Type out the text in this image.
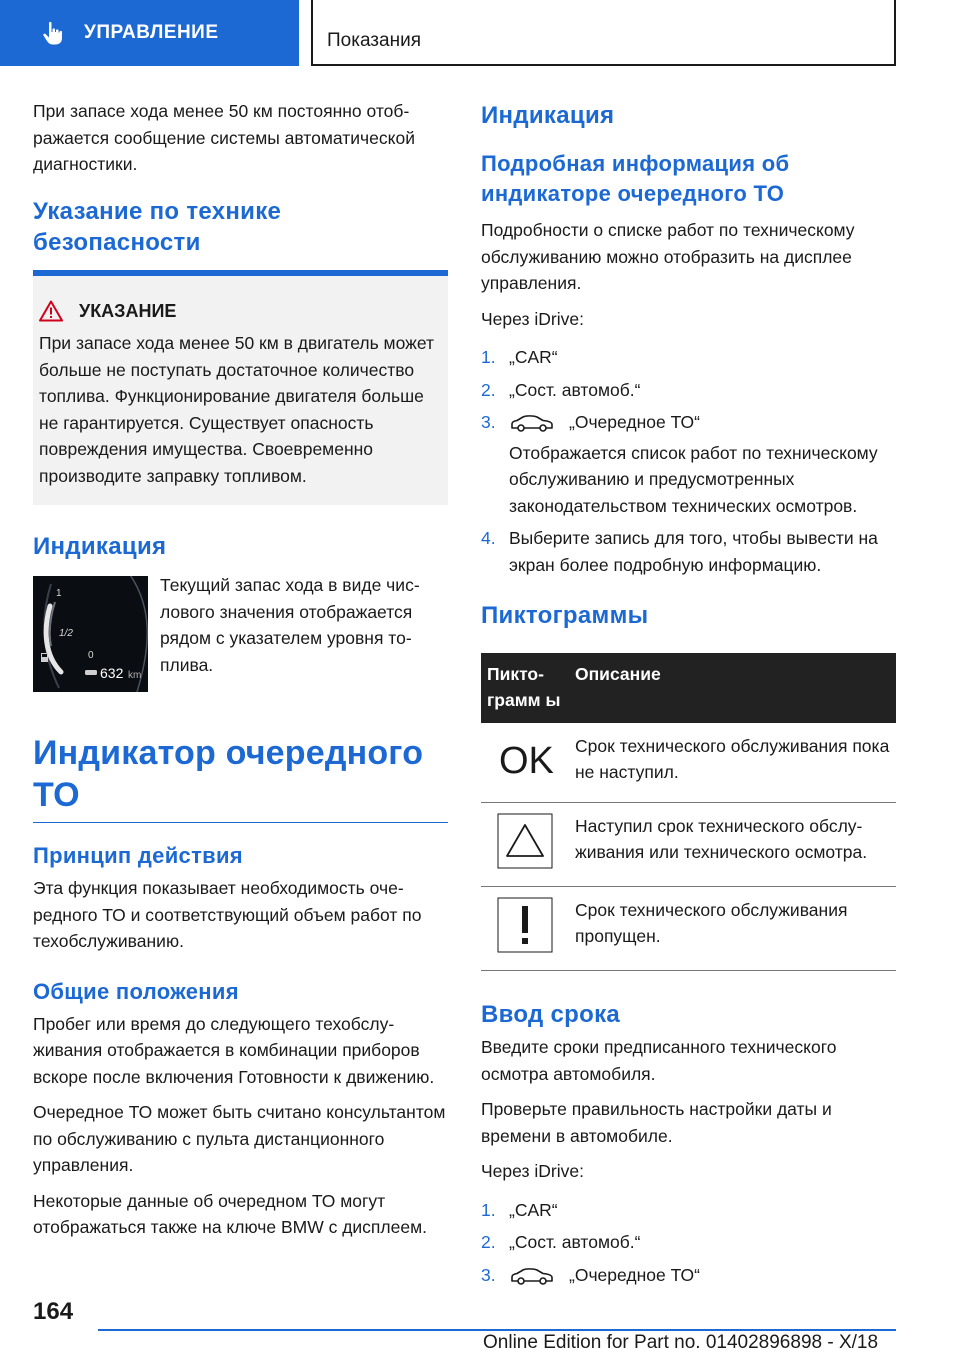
УПРАВЛЕНИЕ	Показания

При запасе хода менее 50 км постоянно отображается сообщение системы автоматической диагностики.

Указание по технике безопасности
УКАЗАНИЕ
При запасе хода менее 50 км в двигатель может больше не поступать достаточное количество топлива. Функционирование двигателя больше не гарантируется. Существует опасность повреждения имущества. Своевременно производите заправку топливом.
Индикация
1
1/2
0
632 km
Текущий запас хода в виде числового значения отображается рядом с указателем уровня топлива.
Индикатор очередного ТО
Принцип действия

Эта функция показывает необходимость очередного ТО и соответствующий объем работ по техобслуживанию.

Общие положения

Пробег или время до следующего техобслуживания отображается в комбинации приборов вскоре после включения Готовности к движению.

Очередное ТО может быть считано консультантом по обслуживанию с пульта дистанционного управления.

Некоторые данные об очередном ТО могут отображаться также на ключе BMW с дисплеем.

Индикация
Подробная информация об индикаторе очередного ТО

Подробности о списке работ по техническому обслуживанию можно отобразить на дисплее управления.

Через iDrive:

1. „CAR“
2. „Сост. автомоб.“
3.	„Очередное ТО“
Отображается список работ по техническому обслуживанию и предусмотренных законодательством технических осмотров.
4. Выберите запись для того, чтобы вывести на экран более подробную информацию.
Пиктограммы
Пиктограмм ы	Описание

OK	Срок технического обслуживания пока не наступил.
	Наступил срок технического обслуживания или технического осмотра.
	Срок технического обслуживания пропущен.
Ввод срока

Введите сроки предписанного технического осмотра автомобиля.

Проверьте правильность настройки даты и времени в автомобиле.

Через iDrive:

1. „CAR“
2. „Сост. автомоб.“
3.	„Очередное ТО“
164
Online Edition for Part no. 01402896898 - X/18
